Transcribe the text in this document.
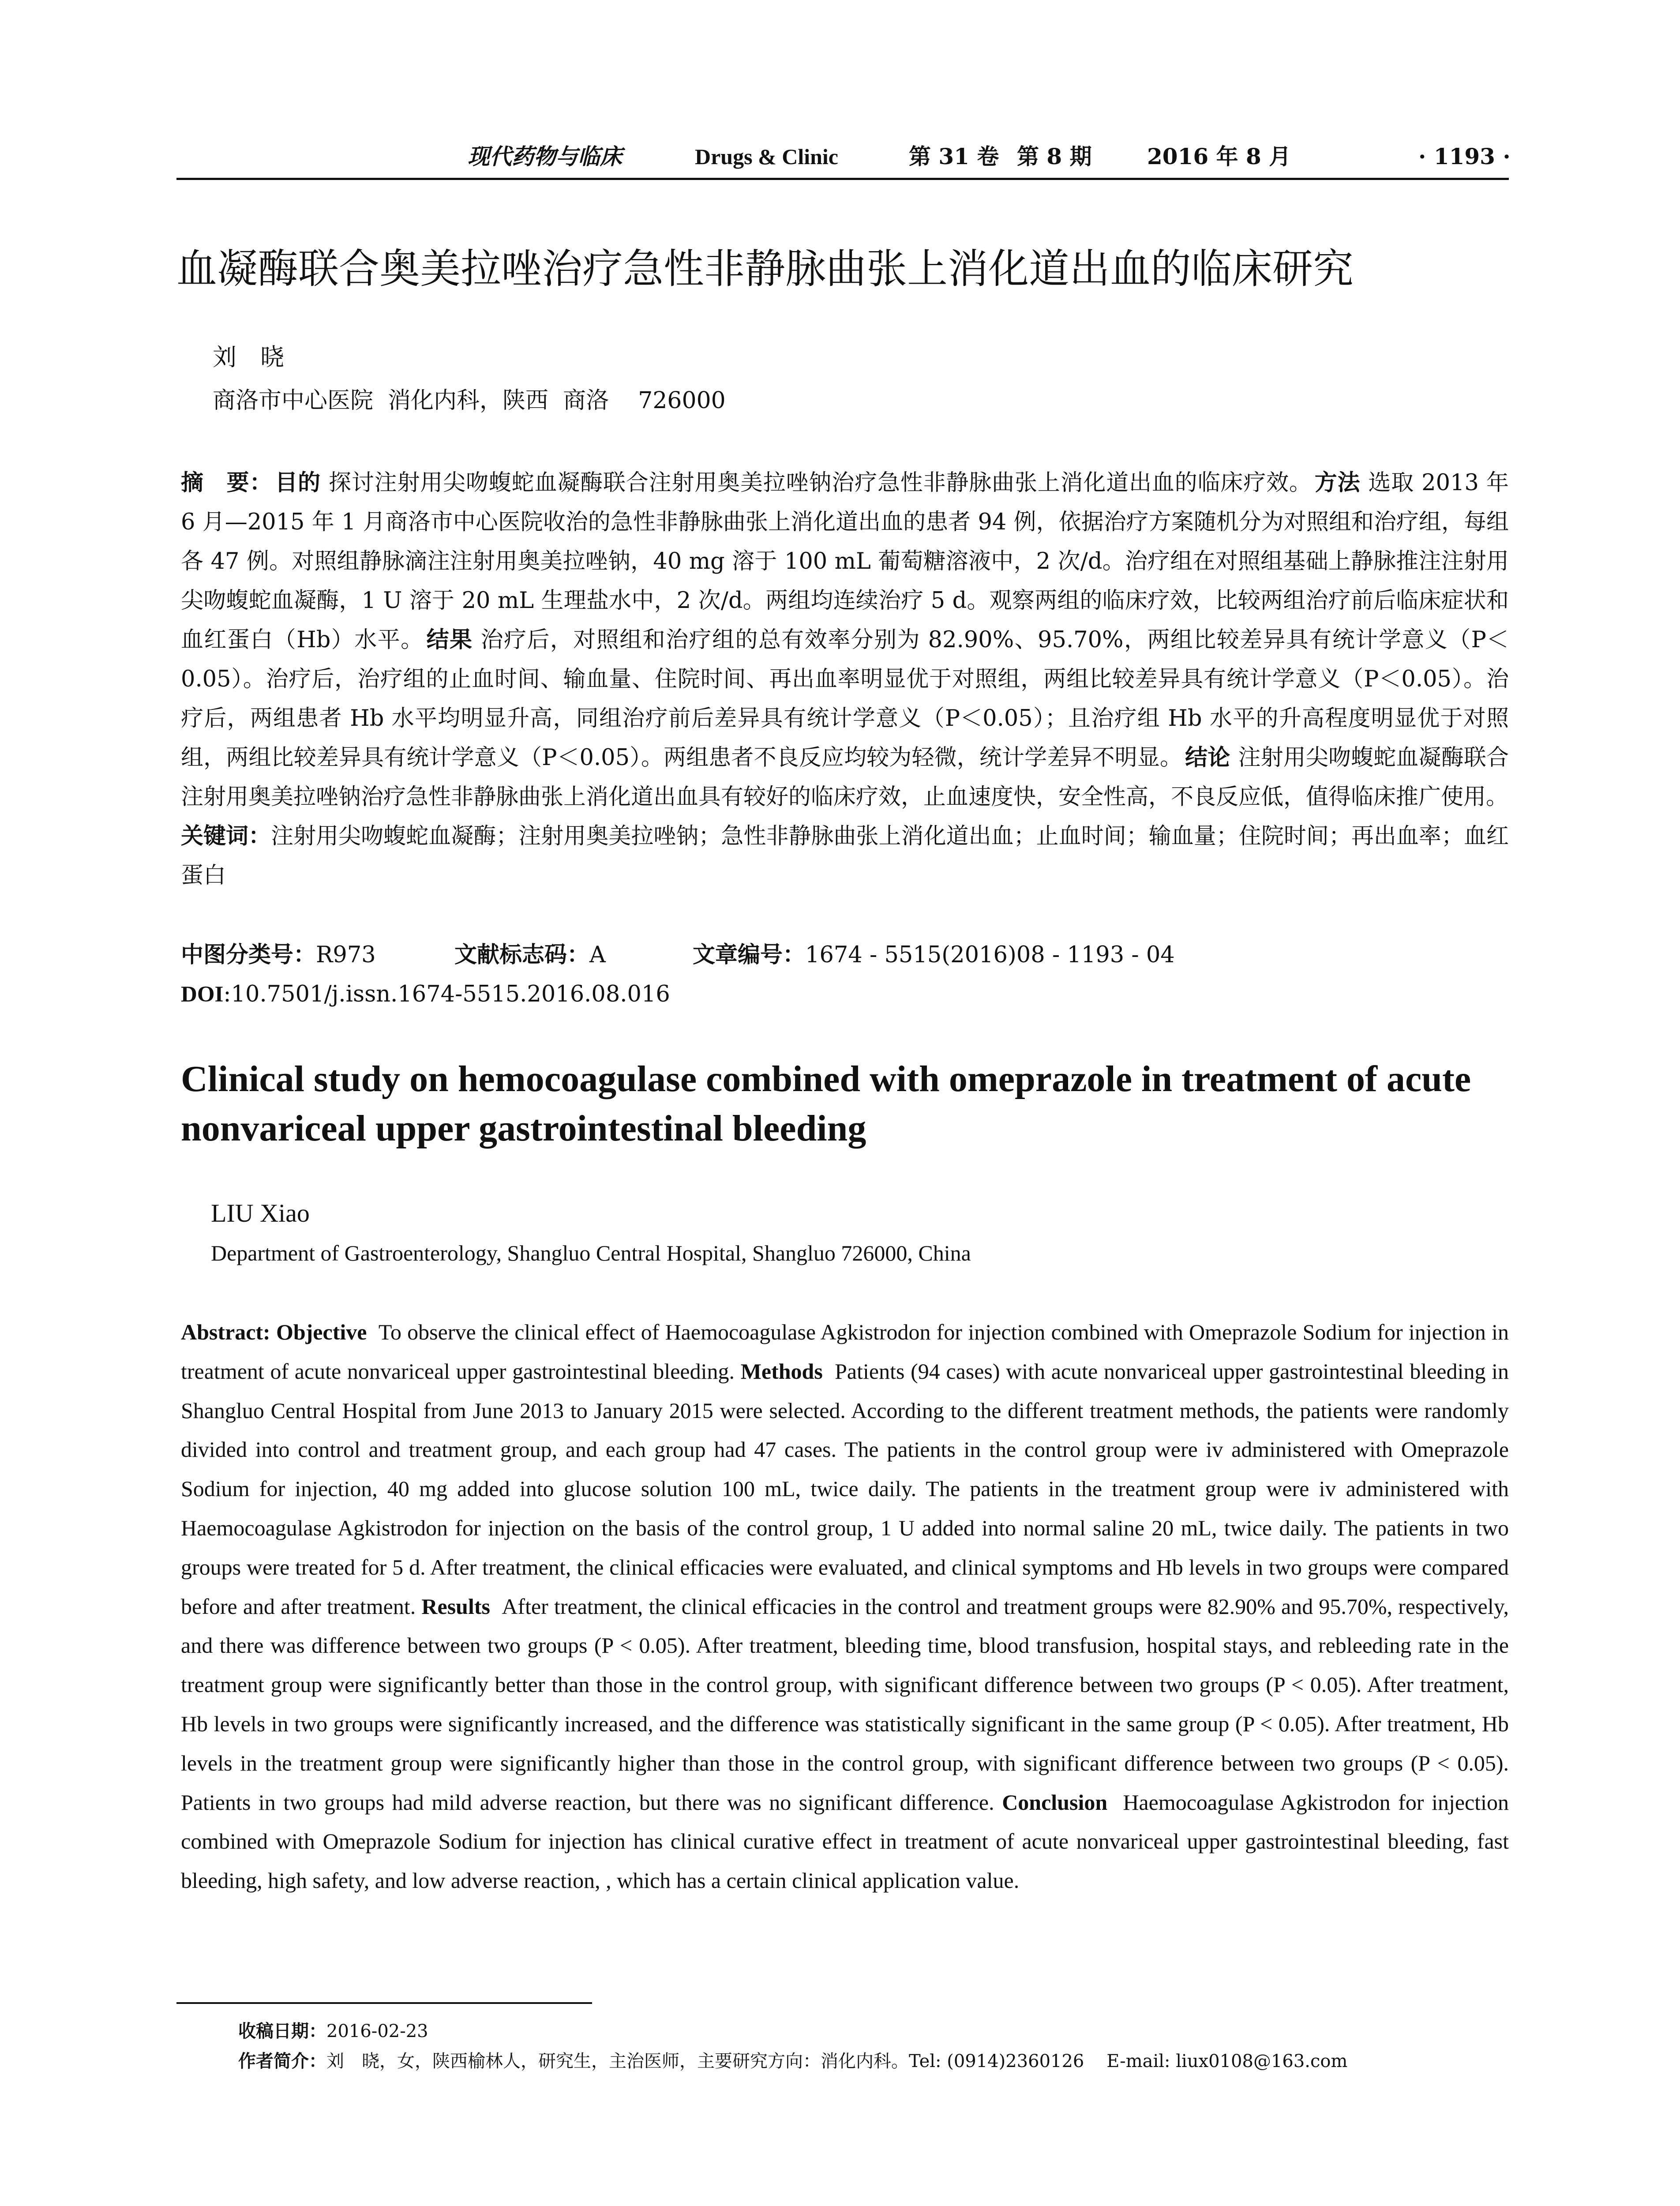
现代药物与临床	Drugs & Clinic	第 31 卷 第 8 期	2016 年 8 月	· 1193 ·
血凝酶联合奥美拉唑治疗急性非静脉曲张上消化道出血的临床研究
刘　晓
商洛市中心医院  消化内科，陕西  商洛    726000

摘　要： 目的 探讨注射用尖吻蝮蛇血凝酶联合注射用奥美拉唑钠治疗急性非静脉曲张上消化道出血的临床疗效。 方法 选取 2013 年 6 月—2015 年 1 月商洛市中心医院收治的急性非静脉曲张上消化道出血的患者 94 例，依据治疗方案随机分为对照组和治疗组，每组各 47 例。对照组静脉滴注注射用奥美拉唑钠，40 mg 溶于 100 mL 葡萄糖溶液中，2 次/d。治疗组在对照组基础上静脉推注注射用尖吻蝮蛇血凝酶，1 U 溶于 20 mL 生理盐水中，2 次/d。两组均连续治疗 5 d。观察两组的临床疗效，比较两组治疗前后临床症状和血红蛋白（Hb）水平。 结果 治疗后，对照组和治疗组的总有效率分别为 82.90%、95.70%，两组比较差异具有统计学意义（P＜0.05）。治疗后，治疗组的止血时间、输血量、住院时间、再出血率明显优于对照组，两组比较差异具有统计学意义（P＜0.05）。治疗后，两组患者 Hb 水平均明显升高，同组治疗前后差异具有统计学意义（P＜0.05）；且治疗组 Hb 水平的升高程度明显优于对照组，两组比较差异具有统计学意义（P＜0.05）。两组患者不良反应均较为轻微，统计学差异不明显。 结论 注射用尖吻蝮蛇血凝酶联合注射用奥美拉唑钠治疗急性非静脉曲张上消化道出血具有较好的临床疗效，止血速度快，安全性高，不良反应低，值得临床推广使用。

关键词：注射用尖吻蝮蛇血凝酶；注射用奥美拉唑钠；急性非静脉曲张上消化道出血；止血时间；输血量；住院时间；再出血率；血红蛋白

中图分类号：R973	文献标志码：A	文章编号：1674 - 5515(2016)08 - 1193 - 04
DOI:10.7501/j.issn.1674-5515.2016.08.016
Clinical study on hemocoagulase combined with omeprazole in treatment of acute nonvariceal upper gastrointestinal bleeding
LIU Xiao
Department of Gastroenterology, Shangluo Central Hospital, Shangluo 726000, China

Abstract: Objective To observe the clinical effect of Haemocoagulase Agkistrodon for injection combined with Omeprazole Sodium for injection in treatment of acute nonvariceal upper gastrointestinal bleeding. Methods Patients (94 cases) with acute nonvariceal upper gastrointestinal bleeding in Shangluo Central Hospital from June 2013 to January 2015 were selected. According to the different treatment methods, the patients were randomly divided into control and treatment group, and each group had 47 cases. The patients in the control group were iv administered with Omeprazole Sodium for injection, 40 mg added into glucose solution 100 mL, twice daily. The patients in the treatment group were iv administered with Haemocoagulase Agkistrodon for injection on the basis of the control group, 1 U added into normal saline 20 mL, twice daily. The patients in two groups were treated for 5 d. After treatment, the clinical efficacies were evaluated, and clinical symptoms and Hb levels in two groups were compared before and after treatment. Results After treatment, the clinical efficacies in the control and treatment groups were 82.90% and 95.70%, respectively, and there was difference between two groups (P < 0.05). After treatment, bleeding time, blood transfusion, hospital stays, and rebleeding rate in the treatment group were significantly better than those in the control group, with significant difference between two groups (P < 0.05). After treatment, Hb levels in two groups were significantly increased, and the difference was statistically significant in the same group (P < 0.05). After treatment, Hb levels in the treatment group were significantly higher than those in the control group, with significant difference between two groups (P < 0.05). Patients in two groups had mild adverse reaction, but there was no significant difference. Conclusion Haemocoagulase Agkistrodon for injection combined with Omeprazole Sodium for injection has clinical curative effect in treatment of acute nonvariceal upper gastrointestinal bleeding, fast bleeding, high safety, and low adverse reaction, , which has a certain clinical application value.

收稿日期：2016-02-23
作者简介：刘　晓，女，陕西榆林人，研究生，主治医师，主要研究方向：消化内科。Tel: (0914)2360126    E-mail: liux0108@163.com
